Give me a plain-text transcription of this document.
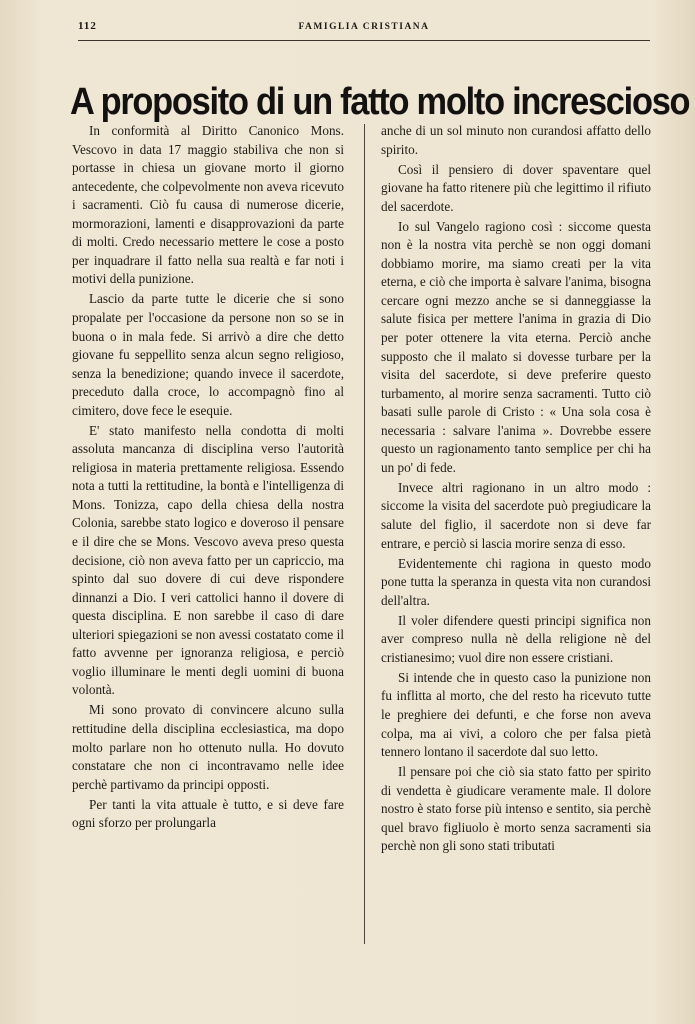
112	FAMIGLIA CRISTIANA
A proposito di un fatto molto increscioso

In conformità al Diritto Canonico Mons. Vescovo in data 17 maggio stabiliva che non si portasse in chiesa un giovane morto il giorno antecedente, che colpevolmente non aveva ricevuto i sacramenti. Ciò fu causa di numerose dicerie, mormorazioni, lamenti e disapprovazioni da parte di molti. Credo necessario mettere le cose a posto per inquadrare il fatto nella sua realtà e far noti i motivi della punizione.

Lascio da parte tutte le dicerie che si sono propalate per l'occasione da persone non so se in buona o in mala fede. Si arrivò a dire che detto giovane fu seppellito senza alcun segno religioso, senza la benedizione; quando invece il sacerdote, preceduto dalla croce, lo accompagnò fino al cimitero, dove fece le esequie.

E' stato manifesto nella condotta di molti assoluta mancanza di disciplina verso l'autorità religiosa in materia prettamente religiosa. Essendo nota a tutti la rettitudine, la bontà e l'intelligenza di Mons. Tonizza, capo della chiesa della nostra Colonia, sarebbe stato logico e doveroso il pensare e il dire che se Mons. Vescovo aveva preso questa decisione, ciò non aveva fatto per un capriccio, ma spinto dal suo dovere di cui deve rispondere dinnanzi a Dio. I veri cattolici hanno il dovere di questa disciplina. E non sarebbe il caso di dare ulteriori spiegazioni se non avessi costatato come il fatto avvenne per ignoranza religiosa, e perciò voglio illuminare le menti degli uomini di buona volontà.

Mi sono provato di convincere alcuno sulla rettitudine della disciplina ecclesiastica, ma dopo molto parlare non ho ottenuto nulla. Ho dovuto constatare che non ci incontravamo nelle idee perchè partivamo da principi opposti.

Per tanti la vita attuale è tutto, e si deve fare ogni sforzo per prolungarla

anche di un sol minuto non curandosi affatto dello spirito.

Così il pensiero di dover spaventare quel giovane ha fatto ritenere più che legittimo il rifiuto del sacerdote.

Io sul Vangelo ragiono così : siccome questa non è la nostra vita perchè se non oggi domani dobbiamo morire, ma siamo creati per la vita eterna, e ciò che importa è salvare l'anima, bisogna cercare ogni mezzo anche se si danneggiasse la salute fisica per mettere l'anima in grazia di Dio per poter ottenere la vita eterna. Perciò anche supposto che il malato si dovesse turbare per la visita del sacerdote, si deve preferire questo turbamento, al morire senza sacramenti. Tutto ciò basati sulle parole di Cristo : « Una sola cosa è necessaria : salvare l'anima ». Dovrebbe essere questo un ragionamento tanto semplice per chi ha un po' di fede.

Invece altri ragionano in un altro modo : siccome la visita del sacerdote può pregiudicare la salute del figlio, il sacerdote non si deve far entrare, e perciò si lascia morire senza di esso.

Evidentemente chi ragiona in questo modo pone tutta la speranza in questa vita non curandosi dell'altra.

Il voler difendere questi principi significa non aver compreso nulla nè della religione nè del cristianesimo; vuol dire non essere cristiani.

Si intende che in questo caso la punizione non fu inflitta al morto, che del resto ha ricevuto tutte le preghiere dei defunti, e che forse non aveva colpa, ma ai vivi, a coloro che per falsa pietà tennero lontano il sacerdote dal suo letto.

Il pensare poi che ciò sia stato fatto per spirito di vendetta è giudicare veramente male. Il dolore nostro è stato forse più intenso e sentito, sia perchè quel bravo figliuolo è morto senza sacramenti sia perchè non gli sono stati tributati
